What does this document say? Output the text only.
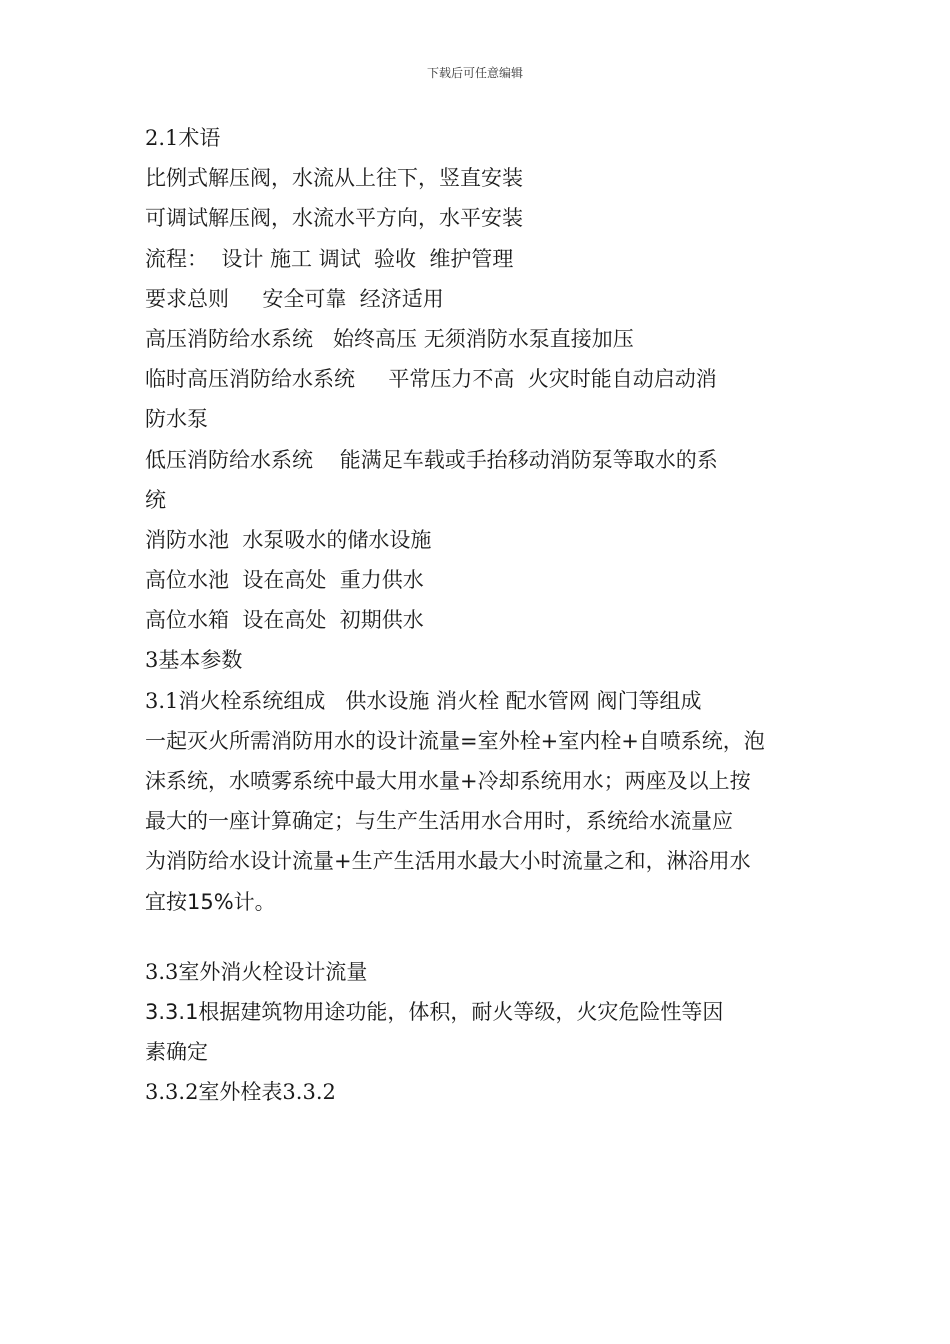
下载后可任意编辑
2.1术语
比例式解压阀，水流从上往下，竖直安装
可调试解压阀，水流水平方向，水平安装
流程：  设计 施工 调试  验收  维护管理
要求总则     安全可靠  经济适用
高压消防给水系统   始终高压 无须消防水泵直接加压
临时高压消防给水系统     平常压力不高  火灾时能自动启动消
防水泵
低压消防给水系统    能满足车载或手抬移动消防泵等取水的系
统
消防水池  水泵吸水的储水设施
高位水池  设在高处  重力供水
高位水箱  设在高处  初期供水
3基本参数
3.1消火栓系统组成   供水设施 消火栓 配水管网 阀门等组成
一起灭火所需消防用水的设计流量=室外栓+室内栓+自喷系统，泡
沫系统，水喷雾系统中最大用水量+冷却系统用水；两座及以上按
最大的一座计算确定；与生产生活用水合用时，系统给水流量应
为消防给水设计流量+生产生活用水最大小时流量之和，淋浴用水
宜按15%计。
3.3室外消火栓设计流量
3.3.1根据建筑物用途功能，体积，耐火等级，火灾危险性等因
素确定
3.3.2室外栓表3.3.2
